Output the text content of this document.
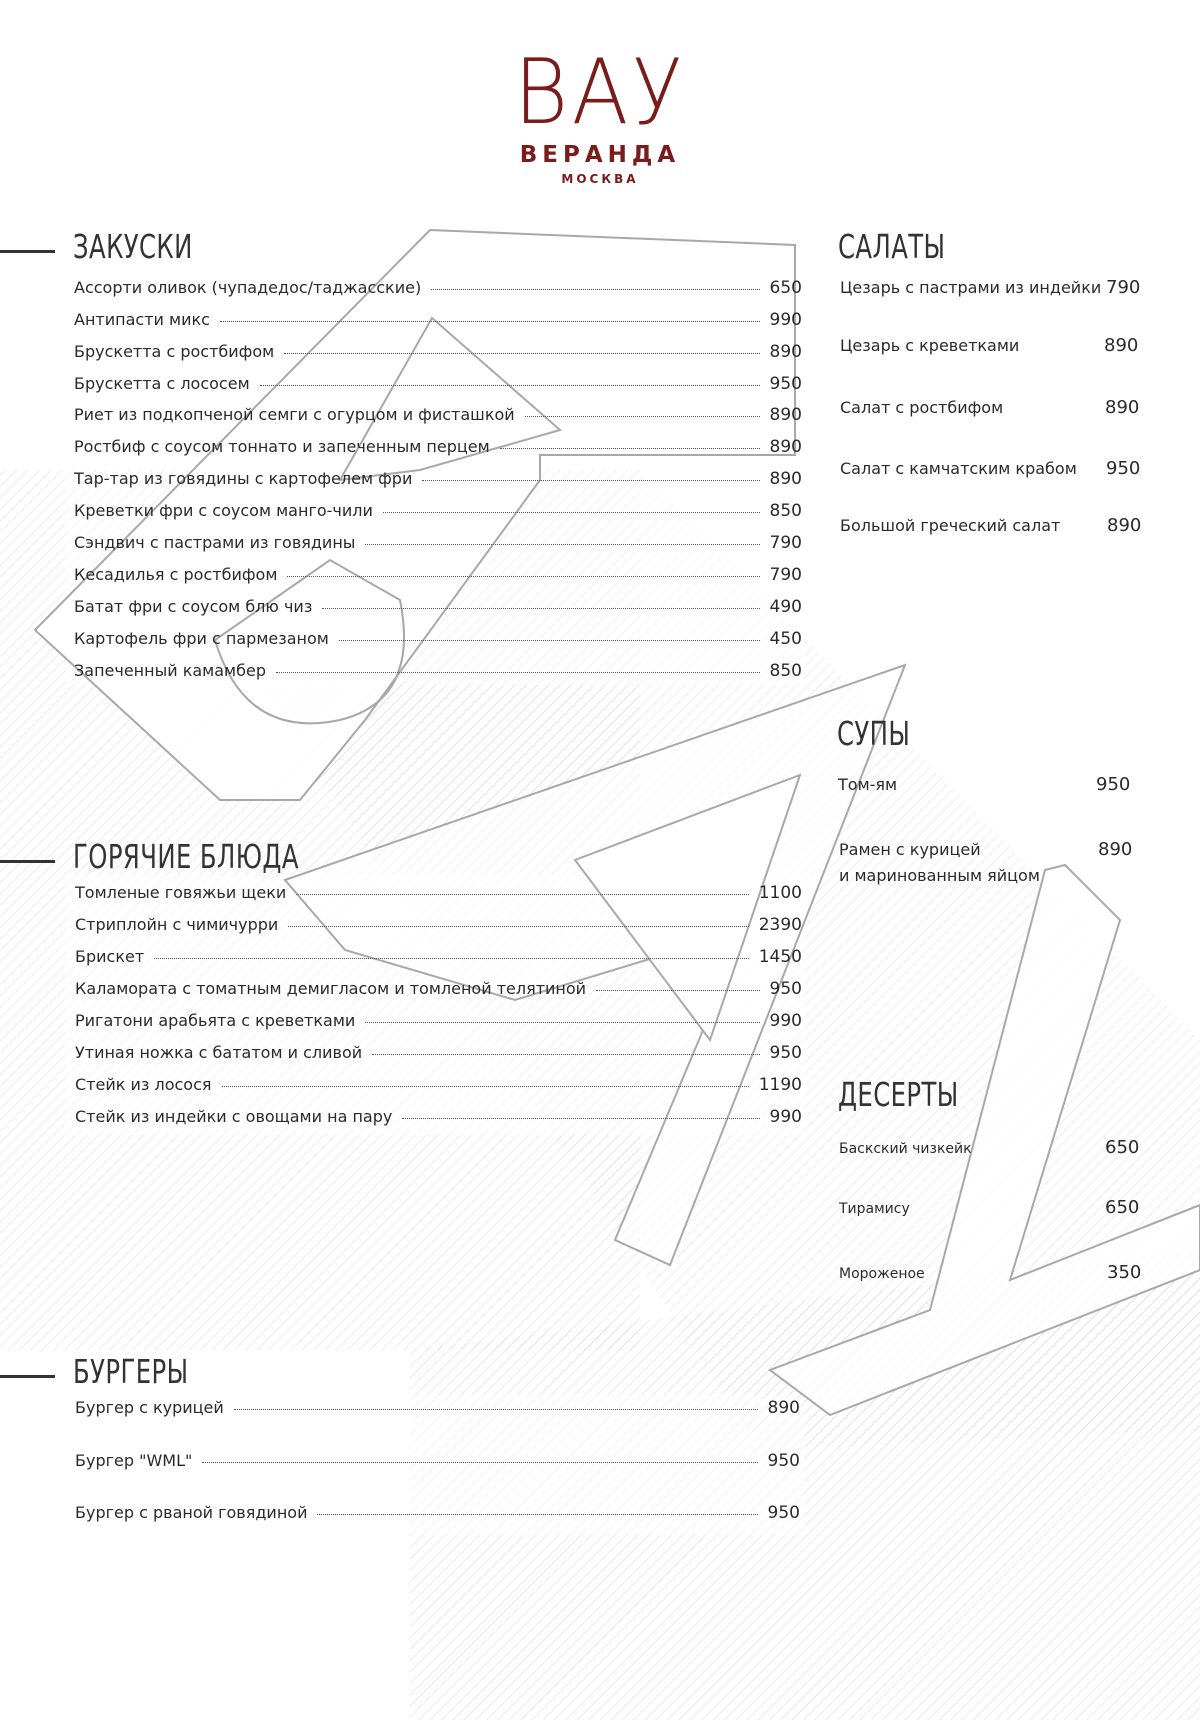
ВАУ
ВЕРАНДА
МОСКВА
ЗАКУСКИ
Ассорти оливок (чупадедос/таджасские)	650
Антипасти микс	990
Брускетта с ростбифом	890
Брускетта с лососем	950
Риет из подкопченой семги с огурцом и фисташкой	890
Ростбиф с соусом тоннато и запеченным перцем	890
Тар-тар из говядины с картофелем фри	890
Креветки фри с соусом манго-чили	850
Сэндвич с пастрами из говядины	790
Кесадилья с ростбифом	790
Батат фри с соусом блю чиз	490
Картофель фри с пармезаном	450
Запеченный камамбер	850
ГОРЯЧИЕ БЛЮДА
Томленые говяжьи щеки	1100
Стриплойн с чимичурри	2390
Брискет	1450
Каламората с томатным демигласом и томленой телятиной	950
Ригатони арабьята с креветками	990
Утиная ножка с бататом и сливой	950
Стейк из лосося	1190
Стейк из индейки с овощами на пару	990
БУРГЕРЫ
Бургер с курицей	890
Бургер "WML"	950
Бургер с рваной говядиной	950
САЛАТЫ
Цезарь с пастрами из индейки 790
Цезарь с креветками	890
Салат с ростбифом	890
Салат с камчатским крабом 950
Большой греческий салат	890
СУПЫ
Том-ям	950
Рамен с курицей
и маринованным яйцом
890
ДЕСЕРТЫ
Баскский чизкейк	650
Тирамису	650
Мороженое	350
